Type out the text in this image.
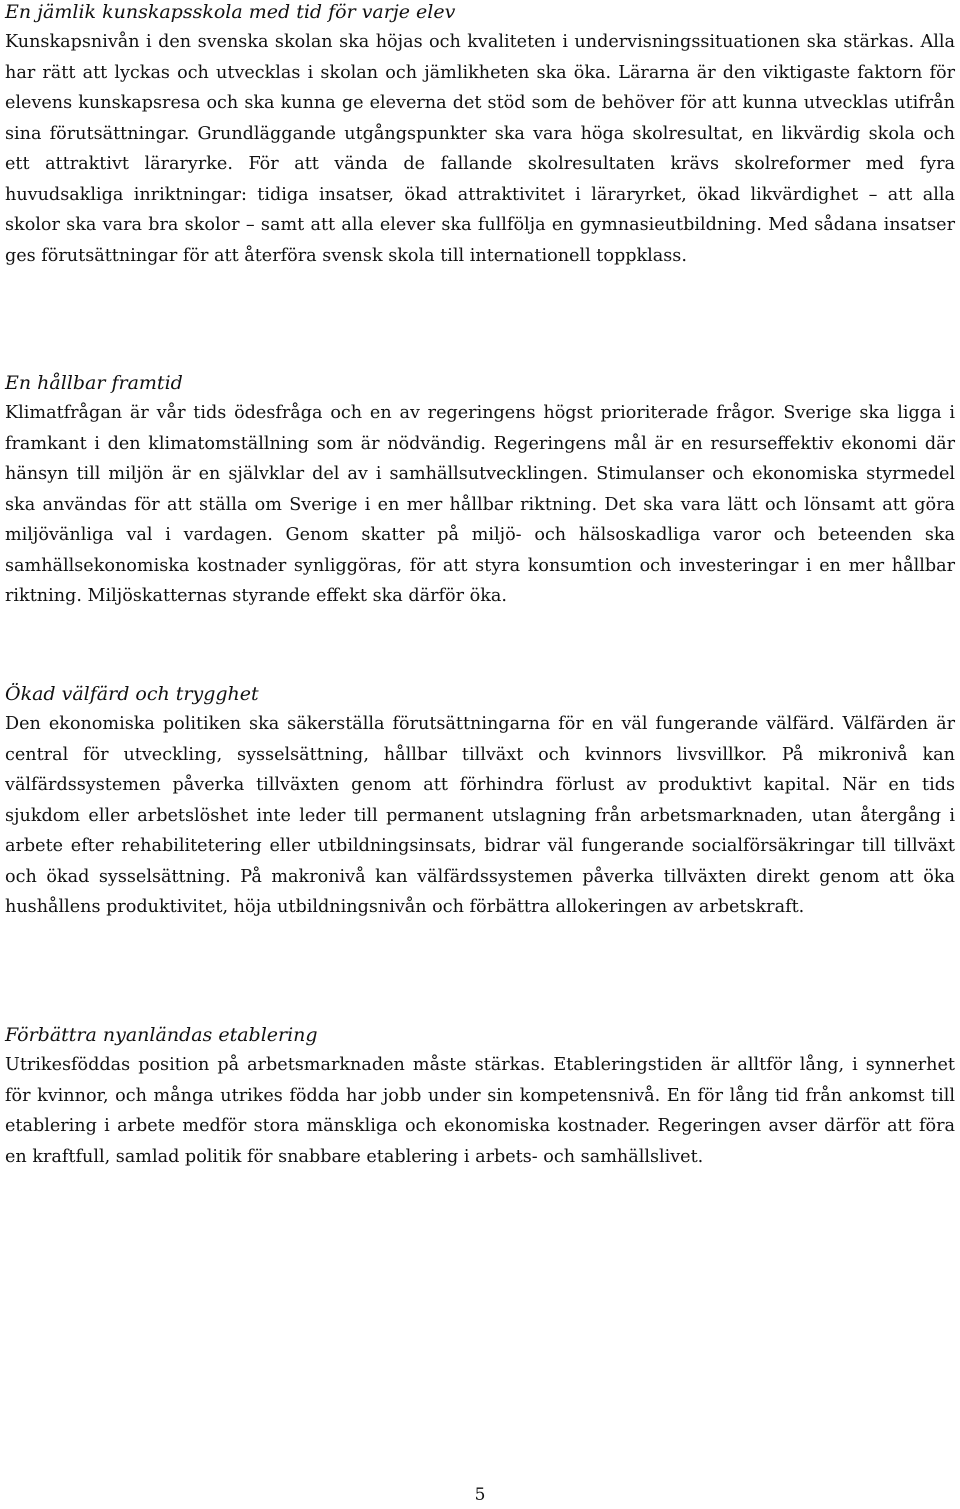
En jämlik kunskapsskola med tid för varje elev

Kunskapsnivån i den svenska skolan ska höjas och kvaliteten i undervisningssituationen ska stärkas. Alla har rätt att lyckas och utvecklas i skolan och jämlikheten ska öka. Lärarna är den viktigaste faktorn för elevens kunskapsresa och ska kunna ge eleverna det stöd som de behöver för att kunna utvecklas utifrån sina förutsättningar. Grundläggande utgångspunkter ska vara höga skolresultat, en likvärdig skola och ett attraktivt läraryrke. För att vända de fallande skolresultaten krävs skolreformer med fyra huvudsakliga inriktningar: tidiga insatser, ökad attraktivitet i läraryrket, ökad likvärdighet – att alla skolor ska vara bra skolor – samt att alla elever ska fullfölja en gymnasieutbildning. Med sådana insatser ges förutsättningar för att återföra svensk skola till internationell toppklass.

En hållbar framtid

Klimatfrågan är vår tids ödesfråga och en av regeringens högst prioriterade frågor. Sverige ska ligga i framkant i den klimatomställning som är nödvändig. Regeringens mål är en resurseffektiv ekonomi där hänsyn till miljön är en självklar del av i samhällsutvecklingen. Stimulanser och ekonomiska styrmedel ska användas för att ställa om Sverige i en mer hållbar riktning. Det ska vara lätt och lönsamt att göra miljövänliga val i vardagen. Genom skatter på miljö- och hälsoskadliga varor och beteenden ska samhällsekonomiska kostnader synliggöras, för att styra konsumtion och investeringar i en mer hållbar riktning. Miljöskatternas styrande effekt ska därför öka.

Ökad välfärd och trygghet

Den ekonomiska politiken ska säkerställa förutsättningarna för en väl fungerande välfärd. Välfärden är central för utveckling, sysselsättning, hållbar tillväxt och kvinnors livsvillkor. På mikronivå kan välfärdssystemen påverka tillväxten genom att förhindra förlust av produktivt kapital. När en tids sjukdom eller arbetslöshet inte leder till permanent utslagning från arbetsmarknaden, utan återgång i arbete efter rehabilitetering eller utbildningsinsats, bidrar väl fungerande socialförsäkringar till tillväxt och ökad sysselsättning. På makronivå kan välfärdssystemen påverka tillväxten direkt genom att öka hushållens produktivitet, höja utbildningsnivån och förbättra allokeringen av arbetskraft.

Förbättra nyanländas etablering

Utrikesföddas position på arbetsmarknaden måste stärkas. Etableringstiden är alltför lång, i synnerhet för kvinnor, och många utrikes födda har jobb under sin kompetensnivå. En för lång tid från ankomst till etablering i arbete medför stora mänskliga och ekonomiska kostnader. Regeringen avser därför att föra en kraftfull, samlad politik för snabbare etablering i arbets- och samhällslivet.

5
